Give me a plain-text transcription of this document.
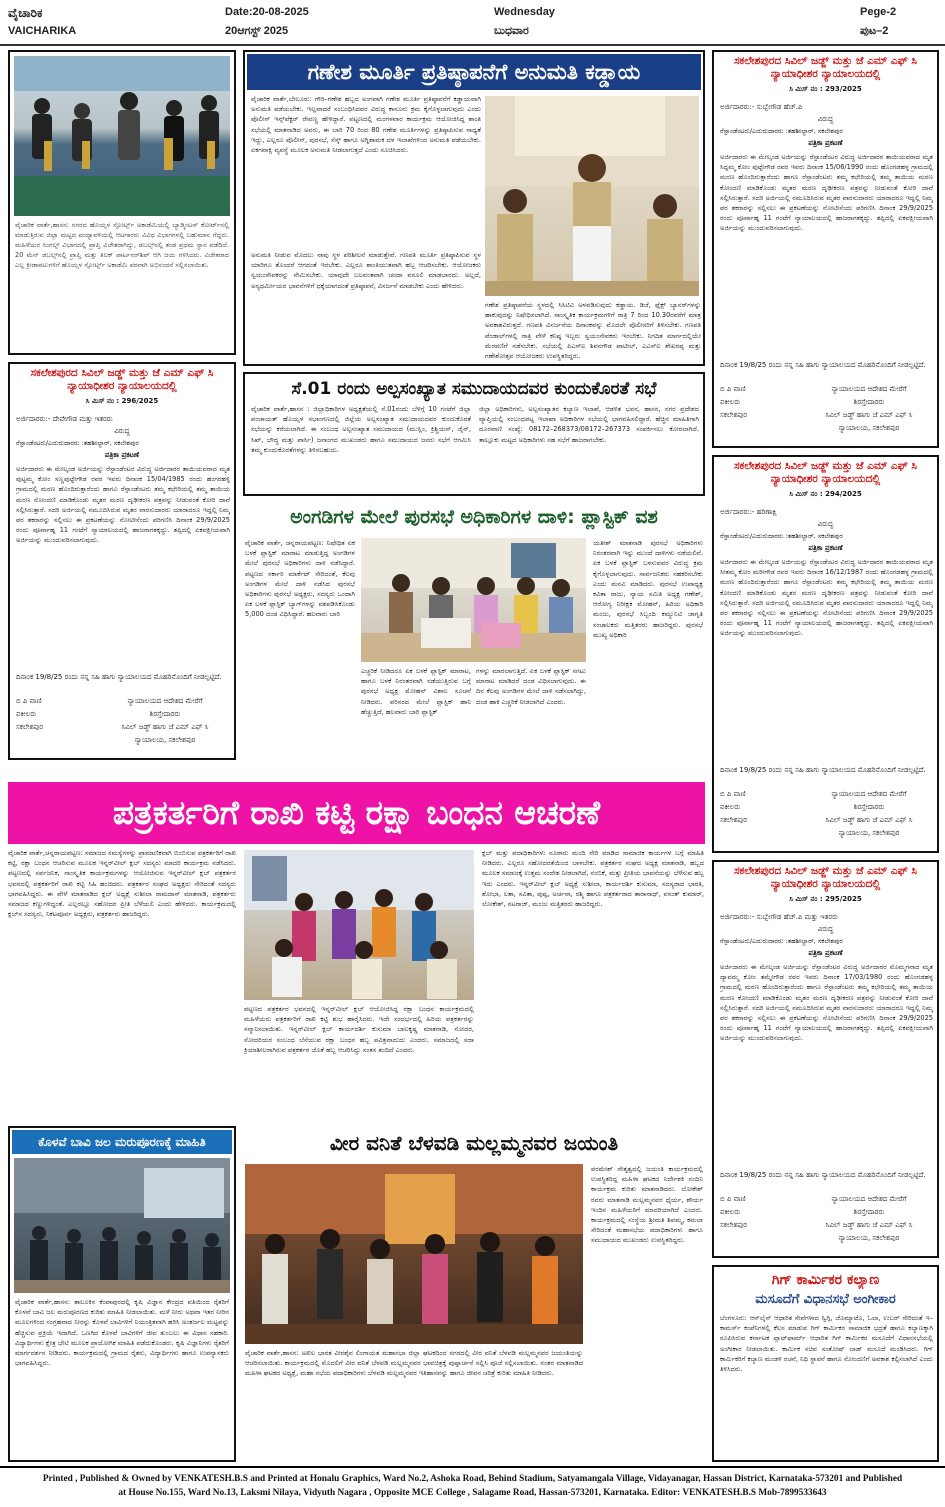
ವೈಚಾರಿಕ
VAICHARIKA
Date:20-08-2025
20ಆಗಸ್ಟ್ 2025
Wednesday
ಬುಧವಾರ
Pege-2
ಪುಟ–2
ವೈಚಾರಿಕ ವಾರ್ತೆ,ಹಾಸನ: ನಗರದ ಹೊಯ್ಸಳ ಸ್ಪೋರ್ಟ್ಸ್ ಅಕಾಡೆಮಿಯಲ್ಲಿ ಬ್ಯಾಡ್ಮಿಂಟನ್ ಕೋರ್ಟ್‌ನಲ್ಲಿ ಮಾಡುತ್ತಿರುವ ಜಿಲ್ಲಾ ಮಟ್ಟದ ಪಂದ್ಯಾವಳಿಯಲ್ಲಿ ಆಟಗಾರರು ವಿವಿಧ ವಿಭಾಗಗಳಲ್ಲಿ ಬಹುಮಾನ ಗೆದ್ದರು. ಮಹಿಳೆಯರ ಸಿಂಗಲ್ಸ್ ವಿಭಾಗದಲ್ಲಿ ಪ್ರಾಪ್ತಿ ವಿಜೇತರಾಗಿದ್ದು, ಡಬಲ್ಸ್‌ನಲ್ಲಿ ತಂಡ ಪ್ರಥಮ ಸ್ಥಾನ ಪಡೆದಿದೆ. 20 ಮೆನ್ ಡಬಲ್ಸ್‌ನಲ್ಲಿ ಪ್ರಾಪ್ತಿ ಮತ್ತು ತಿಲಕ್ ಪಾರ್ಟನರ್‌ಶಿಪ್ ಆಗಿ ಜಯ ಗಳಿಸಿದರು. ವಿಜೇತರಾದ ಎಲ್ಲ ಕ್ರೀಡಾಪಟುಗಳಿಗೆ ಹೊಯ್ಸಳ ಸ್ಪೋರ್ಟ್ಸ್ ಅಕಾಡೆಮಿ ಪರವಾಗಿ ಅಭಿನಂದನೆ ಸಲ್ಲಿಸಲಾಯಿತು.
ಗಣೇಶ ಮೂರ್ತಿ ಪ್ರತಿಷ್ಠಾಪನೆಗೆ ಅನುಮತಿ ಕಡ್ಡಾಯ
ವೈಚಾರಿಕ ವಾರ್ತೆ,ಬೇಲೂರು: ಗೌರಿ–ಗಣೇಶ ಹಬ್ಬದ ಅಂಗವಾಗಿ ಗಣೇಶ ಮೂರ್ತಿ ಪ್ರತಿಷ್ಠಾಪನೆಗೆ ಕಡ್ಡಾಯವಾಗಿ ಅನುಮತಿ ಪಡೆಯಬೇಕು. ಇಲ್ಲವಾದರೆ ಸಂಬಂಧಿಸಿದವರ ವಿರುದ್ಧ ಕಾನೂನು ಕ್ರಮ ಕೈಗೊಳ್ಳಲಾಗುವುದು ಎಂದು ಪೊಲೀಸ್ ಇನ್ಸ್‌ಪೆಕ್ಟರ್ ರೇವಣ್ಣ ಹೇಳಿದ್ದಾರೆ. ಪಟ್ಟಣದಲ್ಲಿ ಮಂಗಳವಾರ ಕಾರ್ಯಕ್ರಮ ಆಯೋಜಿಸಿದ್ದ ಶಾಂತಿ ಸಭೆಯಲ್ಲಿ ಮಾತನಾಡಿದ ಅವರು, ಈ ಬಾರಿ 70 ರಿಂದ 80 ಗಣೇಶ ಮೂರ್ತಿಗಳನ್ನು ಪ್ರತಿಷ್ಠಾಪಿಸುವ ಸಾಧ್ಯತೆ ಇದ್ದು, ಎಲ್ಲರೂ ಪೊಲೀಸ್, ಪುರಸಭೆ, ಸೆಸ್ಕ್ ಹಾಗೂ ಅಗ್ನಿಶಾಮಕ ದಳ ಇಲಾಖೆಗಳಿಂದ ಅನುಮತಿ ಪಡೆಯಬೇಕು. ಏಕಗವಾಕ್ಷಿ ವ್ಯವಸ್ಥೆ ಮೂಲಕ ಅನುಮತಿ ನೀಡಲಾಗುತ್ತದೆ ಎಂದು ಸೂಚಿಸಿದರು.
ಅನುಮತಿ ನೀಡುವ ಮೊದಲು ನಾವು ಸ್ಥಳ ಪರಿಶೀಲನೆ ಮಾಡುತ್ತೇವೆ. ಗಣಪತಿ ಮೂರ್ತಿ ಪ್ರತಿಷ್ಠಾಪಿಸುವ ಸ್ಥಳ ಯಾರಿಗೂ ತೊಂದರೆ ಆಗದಂತೆ ಇರಬೇಕು. ಎಲ್ಲರೂ ಶಾಂತಿಯುತವಾಗಿ ಹಬ್ಬ ಆಚರಿಸಬೇಕು. ಆಯೋಜಕರು ಸ್ವಯಂಸೇವಕರನ್ನು ನೇಮಿಸಬೇಕು. ಯಾವುದೇ ಬಲವಂತವಾಗಿ ಚಂದಾ ವಸೂಲಿ ಮಾಡಬಾರದು. ಅಲ್ಲದೆ, ಅನ್ಯಧರ್ಮೀಯರ ಭಾವನೆಗಳಿಗೆ ಧಕ್ಕೆಯಾಗದಂತೆ ಪ್ರತಿಷ್ಠಾಪನೆ, ವಿಸರ್ಜನೆ ಮಾಡಬೇಕು ಎಂದು ಹೇಳಿದರು.
ಗಣೇಶ ಪ್ರತಿಷ್ಠಾಪನೆಯ ಸ್ಥಳದಲ್ಲಿ ಸಿಸಿಟಿವಿ ಅಳವಡಿಸುವುದು ಕಡ್ಡಾಯ. ಡಿಜೆ, ಫ್ಲೆಕ್ಸ್ ಬ್ಯಾನರ್‌ಗಳನ್ನು ಹಾಕುವುದನ್ನು ನಿಷೇಧಿಸಲಾಗಿದೆ. ಸಾಂಸ್ಕೃತಿಕ ಕಾರ್ಯಕ್ರಮಗಳಿಗೆ ರಾತ್ರಿ 7 ರಿಂದ 10.30ರವರೆಗೆ ಮಾತ್ರ ಅವಕಾಶವಿರುತ್ತದೆ. ಗಣಪತಿ ವಿಸರ್ಜನೆಯ ದಿನಾಂಕವನ್ನು ಮೊದಲೇ ಪೊಲೀಸರಿಗೆ ತಿಳಿಸಬೇಕು. ಗಣಪತಿ ಪೆಂಡಾಲ್‌ಗಳಲ್ಲಿ ರಾತ್ರಿ ವೇಳೆ ಕನಿಷ್ಠ ಇಬ್ಬರು ಸ್ವಯಂಸೇವಕರು ಇರಬೇಕು. ನಿಗದಿತ ಮಾರ್ಗದಲ್ಲಿಯೇ ಮೆರವಣಿಗೆ ನಡೆಸಬೇಕು. ಸಭೆಯಲ್ಲಿ ಪಿಎಸ್‌ಐ ಶಿವನಗೌಡ ಪಾಟೀಲ್, ಎಎಸ್‌ಐ ಶೇಖರಪ್ಪ ಮತ್ತು ಗಣೇಶೋತ್ಸವ ಆಯೋಜಕರು ಉಪಸ್ಥಿತರಿದ್ದರು.
ಸಕಲೇಶಪುರದ ಸಿವಿಲ್ ಜಡ್ಜ್ ಮತ್ತು ಜೆ ಎಮ್ ಎಫ್ ಸಿ ನ್ಯಾಯಾಧೀಶರ ನ್ಯಾಯಾಲಯದಲ್ಲಿ
ಸಿ ಮಿಸ್ ನಂ : 293/2025
ಅರ್ಜಿದಾರರು:- ಸುಬ್ಬೇಗೌಡ ಹೆಚ್.ಪಿ
ವಿರುದ್ಧ
ರೆಸ್ಪಾಂಡೆಂಟರು/ಎದುರುದಾರರು :ತಹಶೀಲ್ದಾರ್, ಸಕಲೇಶಪುರ
ಪತ್ರಿಕಾ ಪ್ರಕಟಣೆ
ಅರ್ಜಿದಾರರು ಈ ಮೇಲ್ಕಂಡ ಅರ್ಜಿಯನ್ನು ರೆಸ್ಪಾಂಡೆಂಟರ ವಿರುದ್ಧ ಅರ್ಜಿದಾರರ ತಾಯಿಯವರಾದ ಮೃತ ಸಿದ್ದಮ್ಮ ಕೋಂ ಪುಟ್ಟೇಗೌಡ ರವರ ಇವರು ದಿನಾಂಕ 15/06/1990 ರಂದು ಹೊಂಗಡಹಳ್ಳ ಗ್ರಾಮದಲ್ಲಿ ಮರಣ ಹೊಂದಿರುತ್ತಾರೆಂದು ಹಾಗೂ ರೆಸ್ಪಾಂಡೆಂಟರು ತಮ್ಮ ಕಛೇರಿಯಲ್ಲಿ ತಮ್ಮ ತಾಯಿಯ ಮರಣ ಕೋಂದಣಿ ಮಾಡಿಕೊಂಡು ಮೃತರ ಮರಣ ದೃಢೀಕರಣ ಪತ್ರವನ್ನು ನೀಡುವಂತೆ ಕೋರಿ ದಾವೆ ಸಲ್ಲಿಸಿರುತ್ತಾರೆ. ಸದರಿ ಅರ್ಜಿಯಲ್ಲಿ ನಮೂದಿಸಿರುವ ಮೃತರ ವಾರಸುದಾರರು ಯಾರಾದರೂ ಇದ್ದಲ್ಲಿ ನಿಮ್ಮ ಪರ ತಕರಾರನ್ನು ಸಲ್ಲಿಸಲು ಈ ಪ್ರಕಟಣೆಯನ್ನು ನೋಟೀಸೆಂದು ಪರಿಗಣಿಸಿ ದಿನಾಂಕ 29/9/2025 ರಂದು ಪೂರ್ವಾಹ್ನ 11 ಗಂಟೆಗೆ ನ್ಯಾಯಾಲಯದಲ್ಲಿ ಹಾಜರಾಗತಕ್ಕದ್ದು. ತಪ್ಪಿದಲ್ಲಿ ಏಕಪಕ್ಷೀಯವಾಗಿ ಅರ್ಜಿಯನ್ನು ಮುಂದುವರಿಸಲಾಗುವುದು.
ದಿನಾಂಕ 19/8/25 ರಂದು ನನ್ನ ಸಹಿ ಹಾಗು ನ್ಯಾಯಾಲಯದ ಮೊಹರಿನೊಂದಿಗೆ ನೀಡಲ್ಪಟ್ಟಿದೆ.
ಬಿ ಪಿ ವಾಣಿ
ವಕೀಲರು
ಸಕಲೇಶಪುರ
ನ್ಯಾಯಾಲಯದ ಆದೇಶದ ಮೇರೆಗೆ
ಶಿರಸ್ತೇದಾರರು
ಸಿವಿಲ್ ಜಡ್ಜ್ ಹಾಗು ಜೆ ಎಮ್ ಎಫ್ ಸಿ
ನ್ಯಾಯಾಲಯ, ಸಕಲೇಶಪುರ
ಸಕಲೇಶಪುರದ ಸಿವಿಲ್ ಜಡ್ಜ್ ಮತ್ತು ಜೆ ಎಮ್ ಎಫ್ ಸಿ ನ್ಯಾಯಾಧೀಶರ ನ್ಯಾಯಾಲಯದಲ್ಲಿ
ಸಿ ಮಿಸ್ ನಂ : 294/2025
ಅರ್ಜಿದಾರರು:- ಹರಿಣಾಕ್ಷಿ
ವಿರುದ್ಧ
ರೆಸ್ಪಾಂಡೆಂಟರು/ಎದುರುದಾರರು :ತಹಶೀಲ್ದಾರ್, ಸಕಲೇಶಪುರ
ಪತ್ರಿಕಾ ಪ್ರಕಟಣೆ
ಅರ್ಜಿದಾರರು ಈ ಮೇಲ್ಕಂಡ ಅರ್ಜಿಯನ್ನು ರೆಸ್ಪಾಂಡೆಂಟರ ವಿರುದ್ಧ ಅರ್ಜಿದಾರರ ತಾಯಿಯವರಾದ ಮೃತ ಸೀತಮ್ಮ ಕೋಂ ಮರೀಗೌಡ ರವರ ಇವರು ದಿನಾಂಕ 16/12/1987 ರಂದು ಹೊಂಗಡಹಳ್ಳ ಗ್ರಾಮದಲ್ಲಿ ಮರಣ ಹೊಂದಿರುತ್ತಾರೆಂದು ಹಾಗೂ ರೆಸ್ಪಾಂಡೆಂಟರು ತಮ್ಮ ಕಛೇರಿಯಲ್ಲಿ ತಮ್ಮ ತಾಯಿಯ ಮರಣ ಕೋಂದಣಿ ಮಾಡಿಕೊಂಡು ಮೃತರ ಮರಣ ದೃಢೀಕರಣ ಪತ್ರವನ್ನು ನೀಡುವಂತೆ ಕೋರಿ ದಾವೆ ಸಲ್ಲಿಸಿರುತ್ತಾರೆ. ಸದರಿ ಅರ್ಜಿಯಲ್ಲಿ ನಮೂದಿಸಿರುವ ಮೃತರ ವಾರಸುದಾರರು ಯಾರಾದರೂ ಇದ್ದಲ್ಲಿ ನಿಮ್ಮ ಪರ ತಕರಾರನ್ನು ಸಲ್ಲಿಸಲು ಈ ಪ್ರಕಟಣೆಯನ್ನು ನೋಟೀಸೆಂದು ಪರಿಗಣಿಸಿ ದಿನಾಂಕ 29/9/2025 ರಂದು ಪೂರ್ವಾಹ್ನ 11 ಗಂಟೆಗೆ ನ್ಯಾಯಾಲಯದಲ್ಲಿ ಹಾಜರಾಗತಕ್ಕದ್ದು. ತಪ್ಪಿದಲ್ಲಿ ಏಕಪಕ್ಷೀಯವಾಗಿ ಅರ್ಜಿಯನ್ನು ಮುಂದುವರಿಸಲಾಗುವುದು.
ದಿನಾಂಕ 19/8/25 ರಂದು ನನ್ನ ಸಹಿ ಹಾಗು ನ್ಯಾಯಾಲಯದ ಮೊಹರಿನೊಂದಿಗೆ ನೀಡಲ್ಪಟ್ಟಿದೆ.
ಬಿ ಪಿ ವಾಣಿ
ವಕೀಲರು
ಸಕಲೇಶಪುರ
ನ್ಯಾಯಾಲಯದ ಆದೇಶದ ಮೇರೆಗೆ
ಶಿರಸ್ತೇದಾರರು
ಸಿವಿಲ್ ಜಡ್ಜ್ ಹಾಗು ಜೆ ಎಮ್ ಎಫ್ ಸಿ
ನ್ಯಾಯಾಲಯ, ಸಕಲೇಶಪುರ
ಸಕಲೇಶಪುರದ ಸಿವಿಲ್ ಜಡ್ಜ್ ಮತ್ತು ಜೆ ಎಮ್ ಎಫ್ ಸಿ ನ್ಯಾಯಾಧೀಶರ ನ್ಯಾಯಾಲಯದಲ್ಲಿ
ಸಿ ಮಿಸ್ ನಂ : 295/2025
ಅರ್ಜಿದಾರರು:- ಸುಬ್ಬೇಗೌಡ ಹೆಚ್.ಪಿ ಮತ್ತು ಇತರರು
ವಿರುದ್ಧ
ರೆಸ್ಪಾಂಡೆಂಟರು/ಎದುರುದಾರರು :ತಹಶೀಲ್ದಾರ್, ಸಕಲೇಶಪುರ
ಪತ್ರಿಕಾ ಪ್ರಕಟಣೆ
ಅರ್ಜಿದಾರರು ಈ ಮೇಲ್ಕಂಡ ಅರ್ಜಿಯನ್ನು ರೆಸ್ಪಾಂಡೆಂಟರ ವಿರುದ್ಧ ಅರ್ಜಿದಾರರ ಮೊಮ್ಮಗನಾದ ಮೃತ ದ್ಯಾವಮ್ಮ ಕೋಂ ತಮ್ಮೇಗೌಡ ರವರ ಇವರು ದಿನಾಂಕ 17/03/1980 ರಂದು ಹೊಂಗಡಹಳ್ಳ ಗ್ರಾಮದಲ್ಲಿ ಮರಣ ಹೊಂದಿರುತ್ತಾರೆಂದು ಹಾಗೂ ರೆಸ್ಪಾಂಡೆಂಟರು ತಮ್ಮ ಕಛೇರಿಯಲ್ಲಿ ತಮ್ಮ ತಾಯಿಯ ಮರಣ ಕೋಂದಣಿ ಮಾಡಿಕೊಂಡು ಮೃತರ ಮರಣ ದೃಢೀಕರಣ ಪತ್ರವನ್ನು ನೀಡುವಂತೆ ಕೋರಿ ದಾವೆ ಸಲ್ಲಿಸಿರುತ್ತಾರೆ. ಸದರಿ ಅರ್ಜಿಯಲ್ಲಿ ನಮೂದಿಸಿರುವ ಮೃತರ ವಾರಸುದಾರರು ಯಾರಾದರೂ ಇದ್ದಲ್ಲಿ ನಿಮ್ಮ ಪರ ತಕರಾರನ್ನು ಸಲ್ಲಿಸಲು ಈ ಪ್ರಕಟಣೆಯನ್ನು ನೋಟೀಸೆಂದು ಪರಿಗಣಿಸಿ ದಿನಾಂಕ 29/9/2025 ರಂದು ಪೂರ್ವಾಹ್ನ 11 ಗಂಟೆಗೆ ನ್ಯಾಯಾಲಯದಲ್ಲಿ ಹಾಜರಾಗತಕ್ಕದ್ದು. ತಪ್ಪಿದಲ್ಲಿ ಏಕಪಕ್ಷೀಯವಾಗಿ ಅರ್ಜಿಯನ್ನು ಮುಂದುವರಿಸಲಾಗುವುದು.
ದಿನಾಂಕ 19/8/25 ರಂದು ನನ್ನ ಸಹಿ ಹಾಗು ನ್ಯಾಯಾಲಯದ ಮೊಹರಿನೊಂದಿಗೆ ನೀಡಲ್ಪಟ್ಟಿದೆ.
ಬಿ ಪಿ ವಾಣಿ
ವಕೀಲರು
ಸಕಲೇಶಪುರ
ನ್ಯಾಯಾಲಯದ ಆದೇಶದ ಮೇರೆಗೆ
ಶಿರಸ್ತೇದಾರರು
ಸಿವಿಲ್ ಜಡ್ಜ್ ಹಾಗು ಜೆ ಎಮ್ ಎಫ್ ಸಿ
ನ್ಯಾಯಾಲಯ, ಸಕಲೇಶಪುರ
ಗಿಗ್ ಕಾರ್ಮಿಕರ ಕಲ್ಯಾಣ
ಮಸೂದೆಗೆ ವಿಧಾನಸಭೆ ಅಂಗೀಕಾರ
ಬೆಂಗಳೂರು: ಆನ್‌ಲೈನ್ ಆಧಾರಿತ ಸೇವೆಗಳಾದ ಸ್ವಿಗ್ಗಿ, ಜೊಮ್ಯಾಟೊ, ಓಲಾ, ಉಬರ್ ಸೇರಿದಂತೆ ಇ–ಕಾಮರ್ಸ್ ಕಂಪೆನಿಗಳಲ್ಲಿ ಕೆಲಸ ಮಾಡುವ ಗಿಗ್ ಕಾರ್ಮಿಕರ ಸಾಮಾಜಿಕ ಭದ್ರತೆ ಹಾಗೂ ಕಲ್ಯಾಣಕ್ಕಾಗಿ ರೂಪಿಸಿರುವ ಕರ್ನಾಟಕ ಪ್ಲಾಟ್‌ಫಾರ್ಮ್ ಆಧಾರಿತ ಗಿಗ್ ಕಾರ್ಮಿಕರ ಮಸೂದೆಗೆ ವಿಧಾನಸಭೆಯಲ್ಲಿ ಅಂಗೀಕಾರ ನೀಡಲಾಯಿತು. ಕಾರ್ಮಿಕ ಸಚಿವ ಸಂತೋಷ್ ಲಾಡ್ ಮಸೂದೆ ಮಂಡಿಸಿದರು. ಗಿಗ್ ಕಾರ್ಮಿಕರಿಗೆ ಕಲ್ಯಾಣ ಮಂಡಳಿ ರಚನೆ, ನಿಧಿ ಸ್ಥಾಪನೆ ಹಾಗೂ ನೋಂದಣಿಗೆ ಅವಕಾಶ ಕಲ್ಪಿಸಲಾಗಿದೆ ಎಂದು ತಿಳಿಸಿದರು.
ಸಕಲೇಶಪುರದ ಸಿವಿಲ್ ಜಡ್ಜ್ ಮತ್ತು ಜೆ ಎಮ್ ಎಫ್ ಸಿ ನ್ಯಾಯಾಧೀಶರ ನ್ಯಾಯಾಲಯದಲ್ಲಿ
ಸಿ ಮಿಸ್ ನಂ : 296/2025
ಅರ್ಜಿದಾರರು:- ದೇವೇಗೌಡ ಮತ್ತು ಇತರರು
ವಿರುದ್ಧ
ರೆಸ್ಪಾಂಡೆಂಟರು/ಎದುರುದಾರರು :ತಹಶೀಲ್ದಾರ್, ಸಕಲೇಶಪುರ
ಪತ್ರಿಕಾ ಪ್ರಕಟಣೆ
ಅರ್ಜಿದಾರರು ಈ ಮೇಲ್ಕಂಡ ಅರ್ಜಿಯನ್ನು ರೆಸ್ಪಾಂಡೆಂಟರ ವಿರುದ್ಧ ಅರ್ಜಿದಾರರ ತಾಯಿಯವರಾದ ಮೃತ ಪುಟ್ಟಮ್ಮ ಕೋಂ ಸಣ್ಣಪುಟ್ಟೇಗೌಡ ರವರ ಇವರು ದಿನಾಂಕ 15/04/1985 ರಂದು ಹಂಗರಹಳ್ಳಿ ಗ್ರಾಮದಲ್ಲಿ ಮರಣ ಹೊಂದಿರುತ್ತಾರೆಂದು ಹಾಗೂ ರೆಸ್ಪಾಂಡೆಂಟರು ತಮ್ಮ ಕಛೇರಿಯಲ್ಲಿ ತಮ್ಮ ತಾಯಿಯ ಮರಣ ನೋಂದಣಿ ಮಾಡಿಕೊಂಡು ಮೃತರ ಮರಣ ದೃಢೀಕರಣ ಪತ್ರವನ್ನು ನೀಡುವಂತೆ ಕೋರಿ ದಾವೆ ಸಲ್ಲಿಸಿರುತ್ತಾರೆ. ಸದರಿ ಅರ್ಜಿಯಲ್ಲಿ ನಮೂದಿಸಿರುವ ಮೃತರ ವಾರಸುದಾರರು ಯಾರಾದರೂ ಇದ್ದಲ್ಲಿ ನಿಮ್ಮ ಪರ ತಕರಾರನ್ನು ಸಲ್ಲಿಸಲು ಈ ಪ್ರಕಟಣೆಯನ್ನು ನೋಟೀಸೆಂದು ಪರಿಗಣಿಸಿ ದಿನಾಂಕ 29/9/2025 ರಂದು ಪೂರ್ವಾಹ್ನ 11 ಗಂಟೆಗೆ ನ್ಯಾಯಾಲಯದಲ್ಲಿ ಹಾಜರಾಗತಕ್ಕದ್ದು. ತಪ್ಪಿದಲ್ಲಿ ಏಕಪಕ್ಷೀಯವಾಗಿ ಅರ್ಜಿಯನ್ನು ಮುಂದುವರಿಸಲಾಗುವುದು.
ದಿನಾಂಕ 19/8/25 ರಂದು ನನ್ನ ಸಹಿ ಹಾಗು ನ್ಯಾಯಾಲಯದ ಮೊಹರಿನೊಂದಿಗೆ ನೀಡಲ್ಪಟ್ಟಿದೆ.
ಬಿ ಪಿ ವಾಣಿ
ವಕೀಲರು
ಸಕಲೇಶಪುರ
ನ್ಯಾಯಾಲಯದ ಆದೇಶದ ಮೇರೆಗೆ
ಶಿರಸ್ತೇದಾರರು
ಸಿವಿಲ್ ಜಡ್ಜ್ ಹಾಗು ಜೆ ಎಮ್ ಎಫ್ ಸಿ
ನ್ಯಾಯಾಲಯ, ಸಕಲೇಶಪುರ
ಸೆ.01 ರಂದು ಅಲ್ಪಸಂಖ್ಯಾತ ಸಮುದಾಯದವರ ಕುಂದುಕೊರತೆ ಸಭೆ
ವೈಚಾರಿಕ ವಾರ್ತೆ,ಹಾಸನ : ಜಿಲ್ಲಾಧಿಕಾರಿಗಳ ಅಧ್ಯಕ್ಷತೆಯಲ್ಲಿ ಸೆ.01ರಂದು ಬೆಳಿಗ್ಗೆ 10 ಗಂಟೆಗೆ ಜಿಲ್ಲಾ ಪಂಚಾಯತ್ ಹೊಯ್ಸಳ ಸಭಾಂಗಣದಲ್ಲಿ ಜಿಲ್ಲೆಯ ಅಲ್ಪಸಂಖ್ಯಾತ ಸಮುದಾಯದವರ ಕುಂದುಕೊರತೆ ಸಭೆಯನ್ನು ಕರೆಯಲಾಗಿದೆ. ಈ ಸಂಬಂಧ ಅಲ್ಪಸಂಖ್ಯಾತ ಸಮುದಾಯದ (ಮುಸ್ಲಿಂ, ಕ್ರಿಶ್ಚಿಯನ್, ಜೈನ್, ಸಿಖ್, ಬೌದ್ಧ ಮತ್ತು ಪಾರ್ಸಿ) ಜನಾಂಗದ ಮುಖಂಡರು ಹಾಗೂ ಸಮುದಾಯದ ಜನರು ಸಭೆಗೆ ಆಗಮಿಸಿ ತಮ್ಮ ಕುಂದುಕೊರತೆಗಳನ್ನು ತಿಳಿಸಬಹುದು.
ಜಿಲ್ಲಾ ಅಧಿಕಾರಿಗಳು, ಅಲ್ಪಸಂಖ್ಯಾತರ ಕಲ್ಯಾಣ ಇಲಾಖೆ, ಆಡಳಿತ ಭವನ, ಹಾಸನ, ನಗರ ಪ್ರದೇಶದ ವ್ಯಾಪ್ತಿಯಲ್ಲಿ ಸಂಬಂಧಪಟ್ಟ ಇಲಾಖಾ ಅಧಿಕಾರಿಗಳ ಸಭೆಯಲ್ಲಿ ಭಾಗವಹಿಸಲಿದ್ದಾರೆ. ಹೆಚ್ಚಿನ ಮಾಹಿತಿಗಾಗಿ ದೂರವಾಣಿ ಸಂಖ್ಯೆ: 08172–268373/08172–267373 ಸಂಪರ್ಕಿಸಲು ಕೋರಲಾಗಿದೆ. ತಾಲ್ಲೂಕು ಮಟ್ಟದ ಅಧಿಕಾರಿಗಳು ಸಹ ಸಭೆಗೆ ಹಾಜರಾಗಬೇಕು.
ಅಂಗಡಿಗಳ ಮೇಲೆ ಪುರಸಭೆ ಅಧಿಕಾರಿಗಳ ದಾಳಿ: ಪ್ಲಾಸ್ಟಿಕ್ ವಶ
ವೈಚಾರಿಕ ವಾರ್ತೆ, ಚನ್ನರಾಯಪಟ್ಟಣ: ನಿಷೇಧಿತ ಏಕ ಬಳಕೆ ಪ್ಲಾಸ್ಟಿಕ್ ಮಾರಾಟ ಮಾಡುತ್ತಿದ್ದ ಅಂಗಡಿಗಳ ಮೇಲೆ ಪುರಸಭೆ ಅಧಿಕಾರಿಗಳು ದಾಳಿ ನಡೆಸಿದ್ದಾರೆ. ಪಟ್ಟಣದ ಸರ್ಕಾರಿ ಮಾರ್ಕೆಟ್ ಸೇರಿದಂತೆ, ಕೆಲವು ಅಂಗಡಿಗಳ ಮೇಲೆ ದಾಳಿ ನಡೆಸಿದ ಪುರಸಭೆ ಅಧಿಕಾರಿಗಳು ಪುರಸಭೆ ಅಧ್ಯಕ್ಷರು, ಸದಸ್ಯರು ಒಂದಾಗಿ ಏಕ ಬಳಕೆ ಪ್ಲಾಸ್ಟಿಕ್ ಬ್ಯಾಗ್‌ಗಳನ್ನು ವಶಪಡಿಸಿಕೊಂಡು 5,000 ದಂಡ ವಿಧಿಸಿದ್ದಾರೆ. ಹಲವಾರು ಬಾರಿ
ಎಚ್ಚರಿಕೆ ನೀಡಿದರೂ ಏಕ ಬಳಕೆ ಪ್ಲಾಸ್ಟಿಕ್ ಮಾರಾಟ, ಹಾಗೂ ಬಳಕೆ ನಿರಂತರವಾಗಿ ನಡೆಯುತ್ತಿರುವ ಬಗ್ಗೆ ಪುರಸಭೆ ಅಧ್ಯಕ್ಷ ಮೋಹನ್ ವಿಶಾಲ ಸೂಚನೆ ನೀಡಿದರು. ಪರಿಸರದ ಮೇಲೆ ಪ್ಲಾಸ್ಟಿಕ್ ಹಾನಿ ಹೆಚ್ಚುತ್ತಿದೆ, ಹಲವಾರು ಬಾರಿ ಪ್ಲಾಸ್ಟಿಕ್
ಗಳನ್ನು ಮಾರಲಾಗುತ್ತಿದೆ. ಏಕ ಬಳಕೆ ಪ್ಲಾಸ್ಟಿಕ್ ಸಗಟು ಮಾರಾಟ ಮಾಡಿದರೆ ದಂಡ ವಿಧಿಸಲಾಗುವುದು. ಈ ದಿನ ಕೆಲವು ಅಂಗಡಿಗಳ ಮೇಲೆ ದಾಳಿ ನಡೆಸಲಾಗಿದ್ದು, ದಂಡ ಹಾಕಿ ಎಚ್ಚರಿಕೆ ನೀಡಲಾಗಿದೆ ಎಂದರು.
ಯತೀಶ್ ಮಾತನಾಡಿ ಪುರಸಭೆ ಅಧಿಕಾರಿಗಳು ನಿರಂತರವಾಗಿ ಇನ್ನು ಮುಂದೆ ದಾಳಿಗಳು ನಡೆಯಲಿವೆ. ಏಕ ಬಳಕೆ ಪ್ಲಾಸ್ಟಿಕ್ ಬಳಸುವವರ ವಿರುದ್ಧ ಕ್ರಮ ಕೈಗೊಳ್ಳಲಾಗುವುದು. ಸಾರ್ವಜನಿಕರು ಸಹಕರಿಸಬೇಕು ಎಂದು ಮನವಿ ಮಾಡಿದರು. ಪುರಸಭೆ ಉಪಾಧ್ಯಕ್ಷ ಕವಿತಾ ರಾಜು, ನ್ಯಾಯ ಸಮಿತಿ ಅಧ್ಯಕ್ಷ ಗಣೇಶ್, ಆರೋಗ್ಯ ನಿರೀಕ್ಷಕ ಮೋಹನ್, ಹಿರಿಯ ಅಧಿಕಾರಿ ಮಂಜು, ಪುರಸಭೆ ಸಿಬ್ಬಂದಿ ಕಮ್ಯುನಿಟಿ ಜಾಗೃತಿ ಸಂಚಾಲಕರು ಮತ್ತಿತರರು ಹಾಜರಿದ್ದರು. ಪುರಸಭೆ ಮುಖ್ಯ ಅಧಿಕಾರಿ
ಪತ್ರಕರ್ತರಿಗೆ ರಾಖಿ ಕಟ್ಟಿ ರಕ್ಷಾ ಬಂಧನ ಆಚರಣೆ
ವೈಚಾರಿಕ ವಾರ್ತೆ,ಚನ್ನರಾಯಪಟ್ಟಣ: ಸಮಾಜದ ಸಮಸ್ಯೆಗಳನ್ನು ಪ್ರಾಮಾಣಿಕವಾಗಿ ಬಿಂಬಿಸುವ ಪತ್ರಕರ್ತರಿಗೆ ರಾಖಿ ಕಟ್ಟಿ, ರಕ್ಷಾ ಬಂಧನ ಆಚರಿಸುವ ಮೂಲಕ ಇನ್ನರ್‌ವೀಲ್ ಕ್ಲಬ್ ಸದಸ್ಯರು ಮಾದರಿ ಕಾರ್ಯಕ್ರಮ ನಡೆಸಿದರು. ಪಟ್ಟಣದಲ್ಲಿ ಸರ್ವಜನಿಕ, ಸಾಂಸ್ಕೃತಿಕ ಕಾರ್ಯಕ್ರಮಗಳನ್ನು ಆಯೋಜಿಸುವ ಇನ್ನರ್‌ವೀಲ್ ಕ್ಲಬ್ ಪತ್ರಕರ್ತರ ಭವನದಲ್ಲಿ ಪತ್ರಕರ್ತರಿಗೆ ರಾಖಿ ಕಟ್ಟಿ ಸಿಹಿ ಹಂಚಿದರು. ಪತ್ರಕರ್ತರ ಸಂಘದ ಅಧ್ಯಕ್ಷರು ಸೇರಿದಂತೆ ಸದಸ್ಯರು ಭಾಗವಹಿಸಿದ್ದರು. ಈ ವೇಳೆ ಮಾತನಾಡಿದ ಕ್ಲಬ್ ಅಧ್ಯಕ್ಷೆ ಸುಶೀಲಾ ರಾಮದಾಸ್ ಮಾತನಾಡಿ, ಪತ್ರಕರ್ತರು ಸಮಾಜದ ಕಣ್ಣುಗಳಿದ್ದಂತೆ. ಎಲ್ಲರಲ್ಲೂ ಸಹೋದರ ಪ್ರೀತಿ ಬೆಳೆಯಲಿ ಎಂದು ಹೇಳಿದರು. ಕಾರ್ಯಕ್ರಮದಲ್ಲಿ ಕ್ಲಬ್‌ನ ಸದಸ್ಯರು, ನಿಕಟಪೂರ್ವ ಅಧ್ಯಕ್ಷರು, ಪತ್ರಕರ್ತರು ಹಾಜರಿದ್ದರು.
ಪಟ್ಟಣದ ಪತ್ರಕರ್ತರ ಭವನದಲ್ಲಿ ಇನ್ನರ್‌ವೀಲ್ ಕ್ಲಬ್ ಆಯೋಜಿಸಿದ್ದ ರಕ್ಷಾ ಬಂಧನ ಕಾರ್ಯಕ್ರಮದಲ್ಲಿ ಮಹಿಳೆಯರು ಪತ್ರಕರ್ತರಿಗೆ ರಾಖಿ ಕಟ್ಟಿ ಶುಭ ಹಾರೈಸಿದರು. ಇದೇ ಸಂದರ್ಭದಲ್ಲಿ ಹಿರಿಯ ಪತ್ರಕರ್ತರನ್ನು ಸನ್ಮಾನಿಸಲಾಯಿತು. ಇನ್ನರ್‌ವೀಲ್ ಕ್ಲಬ್ ಕಾರ್ಯದರ್ಶಿ ಕುಸುಮಾ ಬಾಲಕೃಷ್ಣ ಮಾತನಾಡಿ, ಸೋದರ, ಸೋದರಿಯರ ಸಂಬಂಧ ಬೆಸೆಯುವ ರಕ್ಷಾ ಬಂಧನ ಹಬ್ಬ ಪವಿತ್ರವಾದುದು ಎಂದರು. ಸಮಾಜದಲ್ಲಿ ಸದಾ ಕ್ರಿಯಾಶೀಲರಾಗಿರುವ ಪತ್ರಕರ್ತರ ಜೊತೆ ಹಬ್ಬ ಆಚರಿಸಿದ್ದು ಸಂತಸ ತಂದಿದೆ ಎಂದರು.
ಕ್ಲಬ್ ಮತ್ತು ಪದಾಧಿಕಾರಿಗಳು ನೂರಾರು ಮಂದಿ ಸೇರಿ ಮಾಡಿದ ಸಾಮಾಜಿಕ ಕಾರ್ಯಗಳ ಬಗ್ಗೆ ಮಾಹಿತಿ ನೀಡಿದರು. ಎಲ್ಲರೂ ಸಹೋದರತೆಯಿಂದ ಬಾಳಬೇಕು. ಪತ್ರಕರ್ತರ ಸಂಘದ ಅಧ್ಯಕ್ಷ ಮಾತನಾಡಿ, ಹಬ್ಬದ ಮೂಲಕ ಸಮಾಜಕ್ಕೆ ಉತ್ತಮ ಸಂದೇಶ ನೀಡಲಾಗಿದೆ, ನಂಬಿಕೆ, ಮತ್ತು ಪ್ರೀತಿಯ ಭಾವನೆಯನ್ನು ಬೆಳೆಸುವ ಹಬ್ಬ ಇದು ಎಂದರು. ಇನ್ನರ್‌ವೀಲ್ ಕ್ಲಬ್ ಅಧ್ಯಕ್ಷೆ ಸುಶೀಲಾ, ಕಾರ್ಯದರ್ಶಿ ಕುಸುಮಾ, ಸದಸ್ಯರಾದ ಭಾರತಿ, ಶೋಭಾ, ಲತಾ, ಸವಿತಾ, ಪುಷ್ಪ, ಅರ್ಚನಾ, ರಶ್ಮಿ ಹಾಗೂ ಪತ್ರಕರ್ತರಾದ ತಾರಾನಾಥ್, ವಸಂತ್ ಕುಮಾರ್, ಲೋಕೇಶ್, ನಟರಾಜ್, ಮಂಜು ಮತ್ತಿತರರು ಹಾಜರಿದ್ದರು.
ಕೊಳವೆ ಬಾವಿ ಜಲ ಮರುಪೂರಣಕ್ಕೆ ಮಾಹಿತಿ
ವೈಚಾರಿಕ ವಾರ್ತೆ,ಹಾಸನ: ತಾಲೂಕಿನ ಕೆಂಪಾಪುರದಲ್ಲಿ ಕೃಷಿ ವಿಜ್ಞಾನ ಕೇಂದ್ರದ ವತಿಯಿಂದ ರೈತರಿಗೆ ಕೊಳವೆ ಬಾವಿ ಜಲ ಮರುಪೂರಣದ ಕುರಿತು ಮಾಹಿತಿ ನೀಡಲಾಯಿತು. ಮಳೆ ನೀರು ಅಥವಾ ಇತರ ನೀರಿನ ಮೂಲಗಳಿಂದ ಸಂಗ್ರಹವಾದ ನೀರನ್ನು ಕೊಳವೆ ಬಾವಿಗಳಿಗೆ ನಿಯಂತ್ರಿತವಾಗಿ ಹರಿಸಿ ಅಂತರ್ಜಲ ಮಟ್ಟವನ್ನು ಹೆಚ್ಚಿಸುವ ಪ್ರಕ್ರಿಯೆ ಇದಾಗಿದೆ. ಒಣಗಿದ ಕೊಳವೆ ಬಾವಿಗಳಿಗೆ ಜೀವ ತುಂಬಲು ಈ ವಿಧಾನ ಸಹಕಾರಿ. ವಿದ್ಯಾರ್ಥಿಗಳು ಕ್ಷೇತ್ರ ಭೇಟಿ ಮೂಲಕ ಪ್ರಾಯೋಗಿಕ ಮಾಹಿತಿ ಪಡೆದುಕೊಂಡರು. ಕೃಷಿ ವಿಜ್ಞಾನಿಗಳು ರೈತರಿಗೆ ಮಾರ್ಗದರ್ಶನ ನೀಡಿದರು. ಕಾರ್ಯಕ್ರಮದಲ್ಲಿ ಗ್ರಾಮದ ರೈತರು, ವಿದ್ಯಾರ್ಥಿಗಳು ಹಾಗೂ ಉಪನ್ಯಾಸಕರು ಭಾಗವಹಿಸಿದ್ದರು.
ವೀರ ವನಿತೆ ಬೆಳವಡಿ ಮಲ್ಲಮ್ಮನವರ ಜಯಂತಿ
ವೈಚಾರಿಕ ವಾರ್ತೆ,ಹಾಸನ: ಅಖಿಲ ಭಾರತ ವೀರಶೈವ ಲಿಂಗಾಯತ ಮಹಾಸಭಾ ಜಿಲ್ಲಾ ಘಟಕದಿಂದ ನಗರದಲ್ಲಿ ವೀರ ವನಿತೆ ಬೆಳವಡಿ ಮಲ್ಲಮ್ಮನವರ ಜಯಂತಿಯನ್ನು ಆಚರಿಸಲಾಯಿತು. ಕಾರ್ಯಕ್ರಮದಲ್ಲಿ ಮೊದಲಿಗೆ ವೀರ ವನಿತೆ ಬೆಳವಡಿ ಮಲ್ಲಮ್ಮನವರ ಭಾವಚಿತ್ರಕ್ಕೆ ಪುಷ್ಪಾರ್ಚನೆ ಸಲ್ಲಿಸಿ ಪೂಜೆ ಸಲ್ಲಿಸಲಾಯಿತು. ನಂತರ ಮಾತನಾಡಿದ ಮಹಿಳಾ ಘಟಕದ ಅಧ್ಯಕ್ಷೆ, ಮಹಾ ಸಭೆಯ ಪದಾಧಿಕಾರಿಗಳು ಬೆಳವಡಿ ಮಲ್ಲಮ್ಮನವರ ಇತಿಹಾಸವನ್ನು ಹಾಗೂ ಜೀವನ ಚರಿತ್ರೆ ಕುರಿತು ಮಾಹಿತಿ ನೀಡಿದರು.
ಪರಮೇಶ್ ನೇತೃತ್ವದಲ್ಲಿ ಜಯಂತಿ ಕಾರ್ಯಕ್ರಮದಲ್ಲಿ ಉಪಸ್ಥಿತರಿದ್ದ ಮಹಿಳಾ ಘಟಕದ ನಿರ್ದೇಶಕಿ ನಂದಿನಿ ಕಾರ್ಯಕ್ರಮ ಕುರಿತು ಮಾತನಾಡಿದರು. ಲೋಕೇಶ್ ರವರು ಮಾತನಾಡಿ ಮಲ್ಲಮ್ಮನವರ ಧೈರ್ಯ, ಶೌರ್ಯ ಇಂದಿನ ಮಹಿಳೆಯರಿಗೆ ಮಾದರಿಯಾಗಿದೆ ಎಂದರು. ಕಾರ್ಯಕ್ರಮದಲ್ಲಿ ಸಂಸ್ಥೆಯ ಶ್ರೀಮತಿ ಶಿವಮ್ಮ, ಕಮಲಾ ಸೇರಿದಂತೆ ಮಹಾಸಭೆಯ ಪದಾಧಿಕಾರಿಗಳು ಹಾಗೂ ಸಮುದಾಯದ ಮುಖಂಡರು ಉಪಸ್ಥಿತರಿದ್ದರು.
Printed , Published & Owned by VENKATESH.B.S and Printed at Honalu Graphics, Ward No.2, Ashoka Road, Behind Stadium, Satyamangala Village, Vidayanagar, Hassan District, Karnataka-573201 and Published
at House No.155, Ward No.13, Laksmi Nilaya, Vidyuth Nagara , Opposite MCE College , Salagame Road, Hassan-573201, Karnataka. Editor: VENKATESH.B.S Mob-7899533643
